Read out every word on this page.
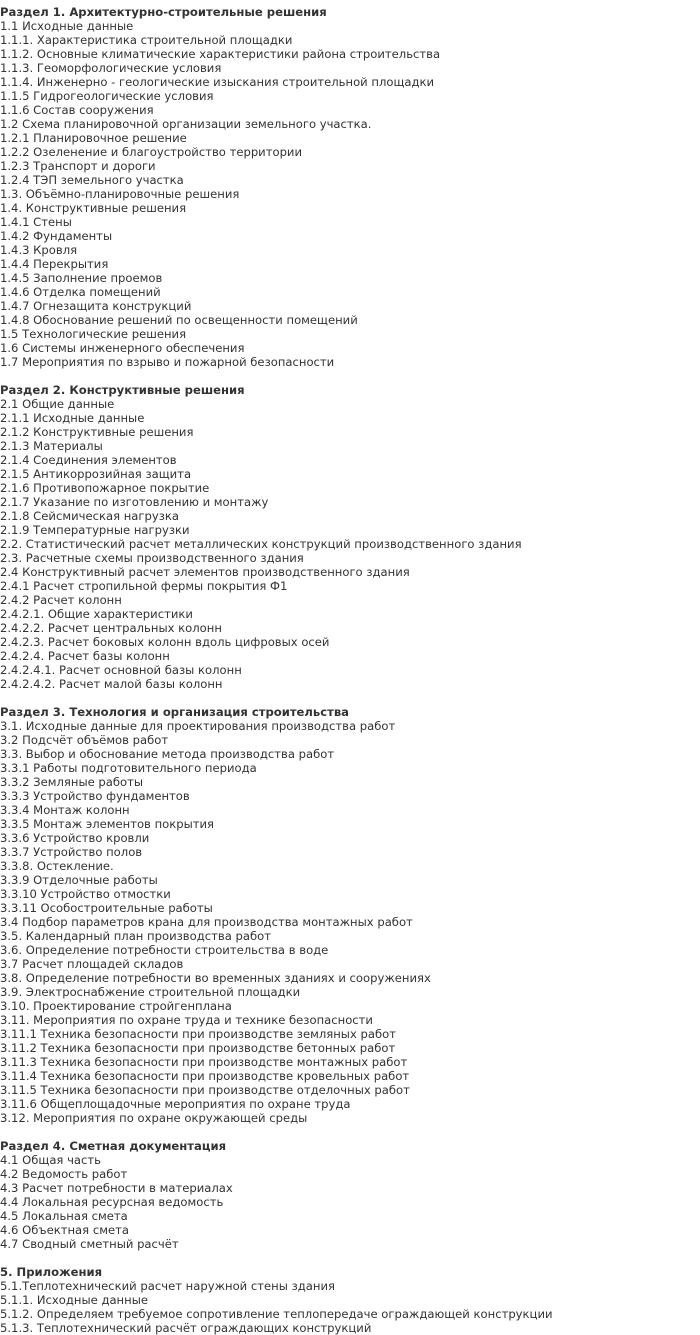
Раздел 1. Архитектурно-строительные решения
1.1 Исходные данные
1.1.1. Характеристика строительной площадки
1.1.2. Основные климатические характеристики района строительства
1.1.3. Геоморфологические условия
1.1.4. Инженерно - геологические изыскания строительной площадки
1.1.5 Гидрогеологические условия
1.1.6 Состав сооружения
1.2 Схема планировочной организации земельного участка.
1.2.1 Планировочное решение
1.2.2 Озеленение и благоустройство территории
1.2.3 Транспорт и дороги
1.2.4 ТЭП земельного участка
1.3. Объёмно-планировочные решения
1.4. Конструктивные решения
1.4.1 Стены
1.4.2 Фундаменты
1.4.3 Кровля
1.4.4 Перекрытия
1.4.5 Заполнение проемов
1.4.6 Отделка помещений
1.4.7 Огнезащита конструкций
1.4.8 Обоснование решений по освещенности помещений
1.5 Технологические решения
1.6 Системы инженерного обеспечения
1.7 Мероприятия по взрыво и пожарной безопасности
Раздел 2. Конструктивные решения
2.1 Общие данные
2.1.1 Исходные данные
2.1.2 Конструктивные решения
2.1.3 Материалы
2.1.4 Соединения элементов
2.1.5 Антикоррозийная защита
2.1.6 Противопожарное покрытие
2.1.7 Указание по изготовлению и монтажу
2.1.8 Сейсмическая нагрузка
2.1.9 Температурные нагрузки
2.2. Статистический расчет металлических конструкций производственного здания
2.3. Расчетные схемы производственного здания
2.4 Конструктивный расчет элементов производственного здания
2.4.1 Расчет стропильной фермы покрытия Ф1
2.4.2 Расчет колонн
2.4.2.1. Общие характеристики
2.4.2.2. Расчет центральных колонн
2.4.2.3. Расчет боковых колонн вдоль цифровых осей
2.4.2.4. Расчет базы колонн
2.4.2.4.1. Расчет основной базы колонн
2.4.2.4.2. Расчет малой базы колонн
Раздел 3. Технология и организация строительства
3.1. Исходные данные для проектирования производства работ
3.2 Подсчёт объёмов работ
3.3. Выбор и обоснование метода производства работ
3.3.1 Работы подготовительного периода
3.3.2 Земляные работы
3.3.3 Устройство фундаментов
3.3.4 Монтаж колонн
3.3.5 Монтаж элементов покрытия
3.3.6 Устройство кровли
3.3.7 Устройство полов
3.3.8. Остекление.
3.3.9 Отделочные работы
3.3.10 Устройство отмостки
3.3.11 Особостроительные работы
3.4 Подбор параметров крана для производства монтажных работ
3.5. Календарный план производства работ
3.6. Определение потребности строительства в воде
3.7 Расчет площадей складов
3.8. Определение потребности во временных зданиях и сооружениях
3.9. Электроснабжение строительной площадки
3.10. Проектирование стройгенплана
3.11. Мероприятия по охране труда и технике безопасности
3.11.1 Техника безопасности при производстве земляных работ
3.11.2 Техника безопасности при производстве бетонных работ
3.11.3 Техника безопасности при производстве монтажных работ
3.11.4 Техника безопасности при производстве кровельных работ
3.11.5 Техника безопасности при производстве отделочных работ
3.11.6 Общеплощадочные мероприятия по охране труда
3.12. Мероприятия по охране окружающей среды
Раздел 4. Сметная документация
4.1 Общая часть
4.2 Ведомость работ
4.3 Расчет потребности в материалах
4.4 Локальная ресурсная ведомость
4.5 Локальная смета
4.6 Объектная смета
4.7 Сводный сметный расчёт
5. Приложения
5.1.Теплотехнический расчет наружной стены здания
5.1.1. Исходные данные
5.1.2. Определяем требуемое сопротивление теплопередаче ограждающей конструкции
5.1.3. Теплотехнический расчёт ограждающих конструкций
